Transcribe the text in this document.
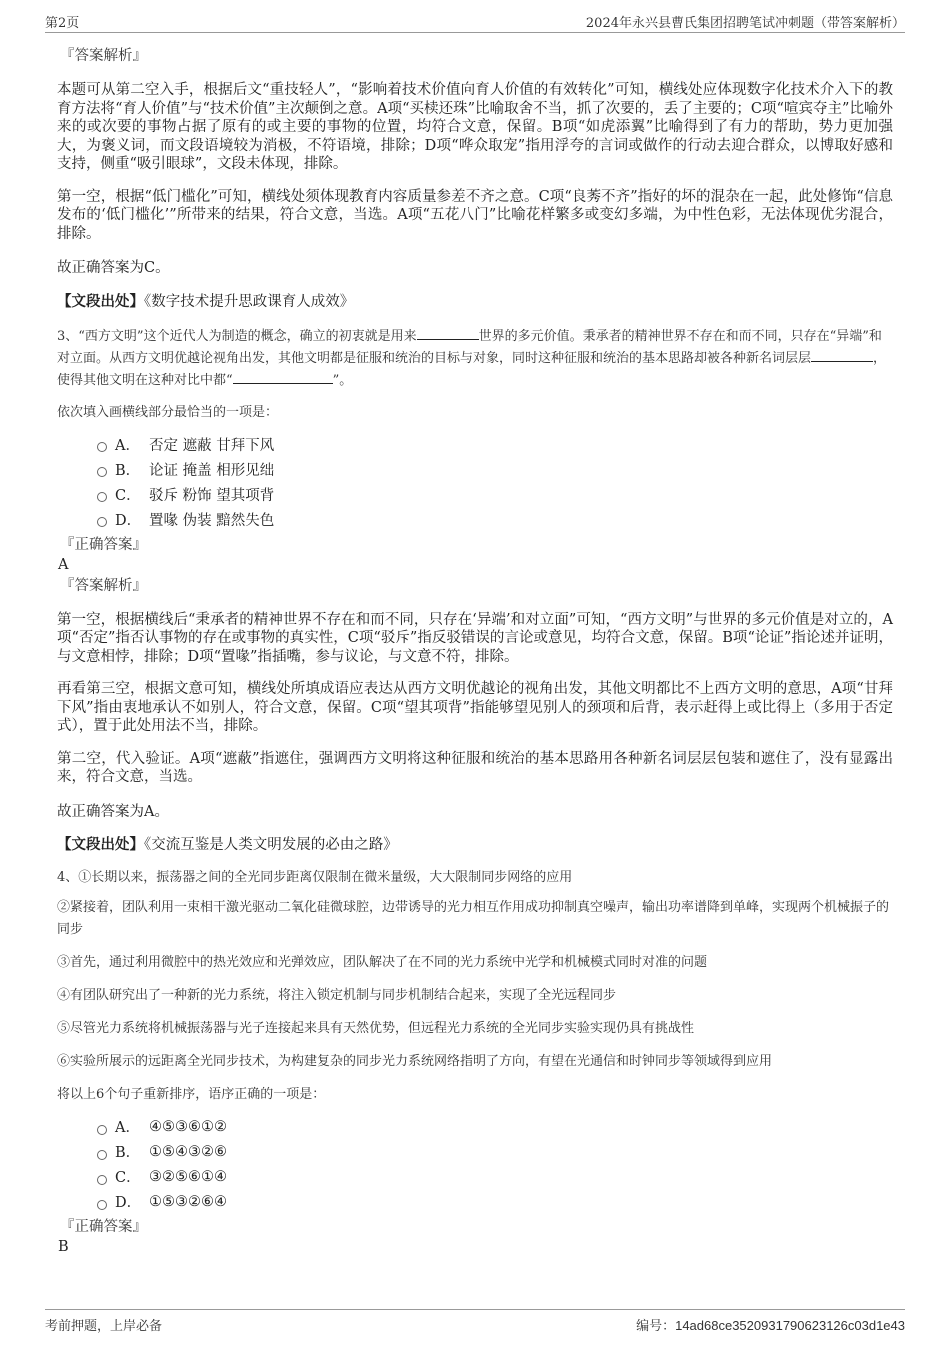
第2页	2024年永兴县曹氏集团招聘笔试冲刺题（带答案解析）
『答案解析』

本题可从第二空入手，根据后文“重技轻人”，“影响着技术价值向育人价值的有效转化”可知，横线处应体现数字化技术介入下的教育方法将“育人价值”与“技术价值”主次颠倒之意。A项“买椟还珠”比喻取舍不当，抓了次要的，丢了主要的；C项“喧宾夺主”比喻外来的或次要的事物占据了原有的或主要的事物的位置，均符合文意，保留。B项“如虎添翼”比喻得到了有力的帮助，势力更加强大，为褒义词，而文段语境较为消极，不符语境，排除；D项“哗众取宠”指用浮夸的言词或做作的行动去迎合群众，以博取好感和支持，侧重“吸引眼球”，文段未体现，排除。

第一空，根据“低门槛化”可知，横线处须体现教育内容质量参差不齐之意。C项“良莠不齐”指好的坏的混杂在一起，此处修饰“信息发布的‘低门槛化’”所带来的结果，符合文意，当选。A项“五花八门”比喻花样繁多或变幻多端，为中性色彩，无法体现优劣混合，排除。

故正确答案为C。

【文段出处】《数字技术提升思政课育人成效》

3、“西方文明”这个近代人为制造的概念，确立的初衷就是用来	世界的多元价值。秉承者的精神世界不存在和而不同，只存在“异端”和对立面。从西方文明优越论视角出发，其他文明都是征服和统治的目标与对象，同时这种征服和统治的基本思路却被各种新名词层层	，使得其他文明在这种对比中都“	”。

依次填入画横线部分最恰当的一项是：

A． 否定 遮蔽 甘拜下风
B． 论证 掩盖 相形见绌
C． 驳斥 粉饰 望其项背
D． 置喙 伪装 黯然失色
『正确答案』
A
『答案解析』

第一空，根据横线后“秉承者的精神世界不存在和而不同，只存在‘异端’和对立面”可知，“西方文明”与世界的多元价值是对立的，A项“否定”指否认事物的存在或事物的真实性，C项“驳斥”指反驳错误的言论或意见，均符合文意，保留。B项“论证”指论述并证明，与文意相悖，排除；D项“置喙”指插嘴，参与议论，与文意不符，排除。

再看第三空，根据文意可知，横线处所填成语应表达从西方文明优越论的视角出发，其他文明都比不上西方文明的意思，A项“甘拜下风”指由衷地承认不如别人，符合文意，保留。C项“望其项背”指能够望见别人的颈项和后背，表示赶得上或比得上（多用于否定式），置于此处用法不当，排除。

第二空，代入验证。A项“遮蔽”指遮住，强调西方文明将这种征服和统治的基本思路用各种新名词层层包装和遮住了，没有显露出来，符合文意，当选。

故正确答案为A。

【文段出处】《交流互鉴是人类文明发展的必由之路》

4、①长期以来，振荡器之间的全光同步距离仅限制在微米量级，大大限制同步网络的应用

②紧接着，团队利用一束相干激光驱动二氧化硅微球腔，边带诱导的光力相互作用成功抑制真空噪声，输出功率谱降到单峰，实现两个机械振子的同步

③首先，通过利用微腔中的热光效应和光弹效应，团队解决了在不同的光力系统中光学和机械模式同时对准的问题

④有团队研究出了一种新的光力系统，将注入锁定机制与同步机制结合起来，实现了全光远程同步

⑤尽管光力系统将机械振荡器与光子连接起来具有天然优势，但远程光力系统的全光同步实验实现仍具有挑战性

⑥实验所展示的远距离全光同步技术，为构建复杂的同步光力系统网络指明了方向，有望在光通信和时钟同步等领域得到应用

将以上6个句子重新排序，语序正确的一项是：

A． ④⑤③⑥①②
B． ①⑤④③②⑥
C． ③②⑤⑥①④
D． ①⑤③②⑥④
『正确答案』
B
考前押题，上岸必备	编号：14ad68ce3520931790623126c03d1e43
